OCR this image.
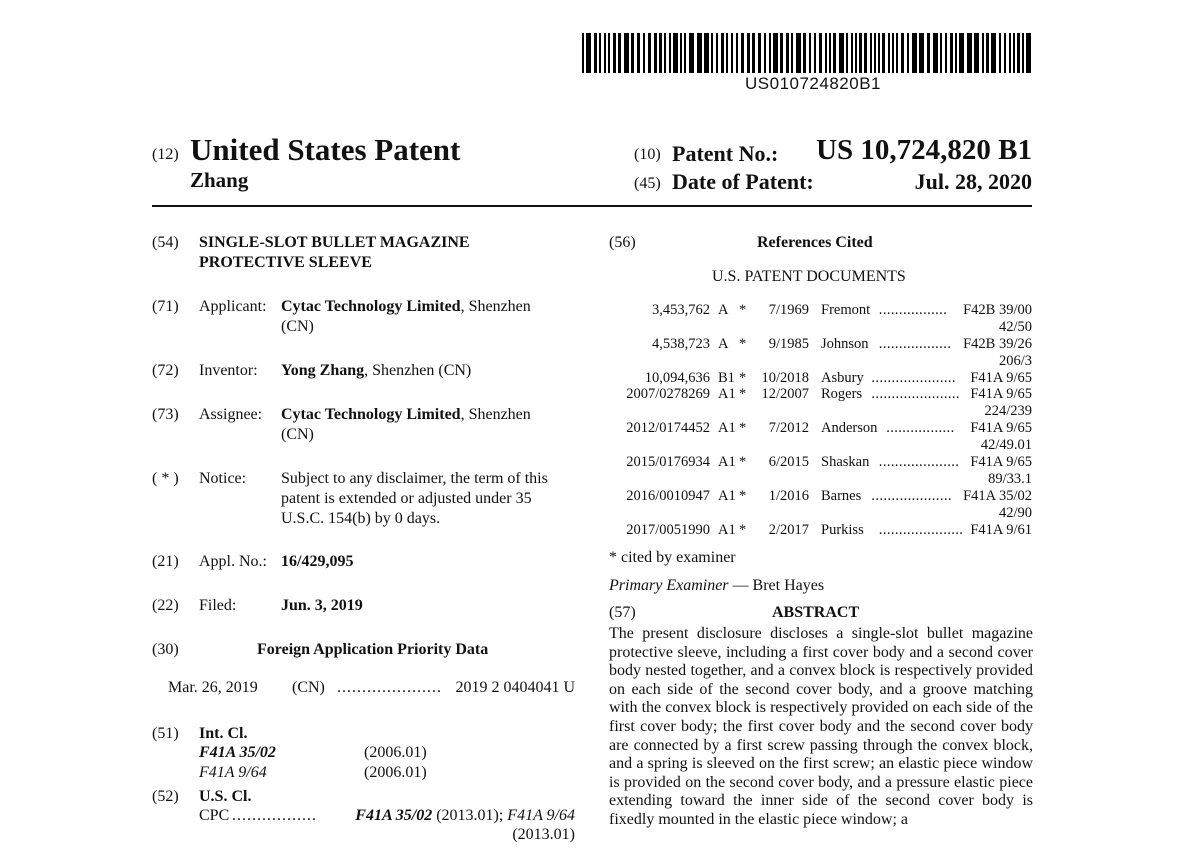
US010724820B1
(12) United States Patent
Zhang
(10) Patent No.: US 10,724,820 B1
(45) Date of Patent:	Jul. 28, 2020
(54) SINGLE-SLOT BULLET MAGAZINE
PROTECTIVE SLEEVE
(71) Applicant: Cytac Technology Limited, Shenzhen
(CN)
(72) Inventor: Yong Zhang, Shenzhen (CN)
(73) Assignee: Cytac Technology Limited, Shenzhen
(CN)
( * ) Notice: Subject to any disclaimer, the term of this
patent is extended or adjusted under 35
U.S.C. 154(b) by 0 days.
(21) Appl. No.: 16/429,095
(22) Filed:	Jun. 3, 2019
(30)	Foreign Application Priority Data
Mar. 26, 2019 (CN) ..................... 2019 2 0404041 U
(51) Int. Cl.
F41A 35/02	(2006.01)
F41A 9/64	(2006.01)
(52) U.S. Cl.
CPC ................. F41A 35/02 (2013.01); F41A 9/64
(2013.01)
(56)	References Cited
U.S. PATENT DOCUMENTS
3,453,762 A * 7/1969 Fremont ................. F42B 39/00
42/50
4,538,723 A * 9/1985 Johnson .................. F42B 39/26
206/3
10,094,636 B1 * 10/2018 Asbury ..................... F41A 9/65
2007/0278269 A1 * 12/2007 Rogers ...................... F41A 9/65
224/239
2012/0174452 A1 * 7/2012 Anderson ................. F41A 9/65
42/49.01
2015/0176934 A1 * 6/2015 Shaskan .................... F41A 9/65
89/33.1
2016/0010947 A1 * 1/2016 Barnes .................... F41A 35/02
42/90
2017/0051990 A1 * 2/2017 Purkiss ..................... F41A 9/61
* cited by examiner
Primary Examiner — Bret Hayes
(57)	ABSTRACT
The present disclosure discloses a single-slot bullet magazine protective sleeve, including a first cover body and a second cover body nested together, and a convex block is respectively provided on each side of the second cover body, and a groove matching with the convex block is respectively provided on each side of the first cover body; the first cover body and the second cover body are connected by a first screw passing through the convex block, and a spring is sleeved on the first screw; an elastic piece window is provided on the second cover body, and a pressure elastic piece extending toward the inner side of the second cover body is fixedly mounted in the elastic piece window; a
